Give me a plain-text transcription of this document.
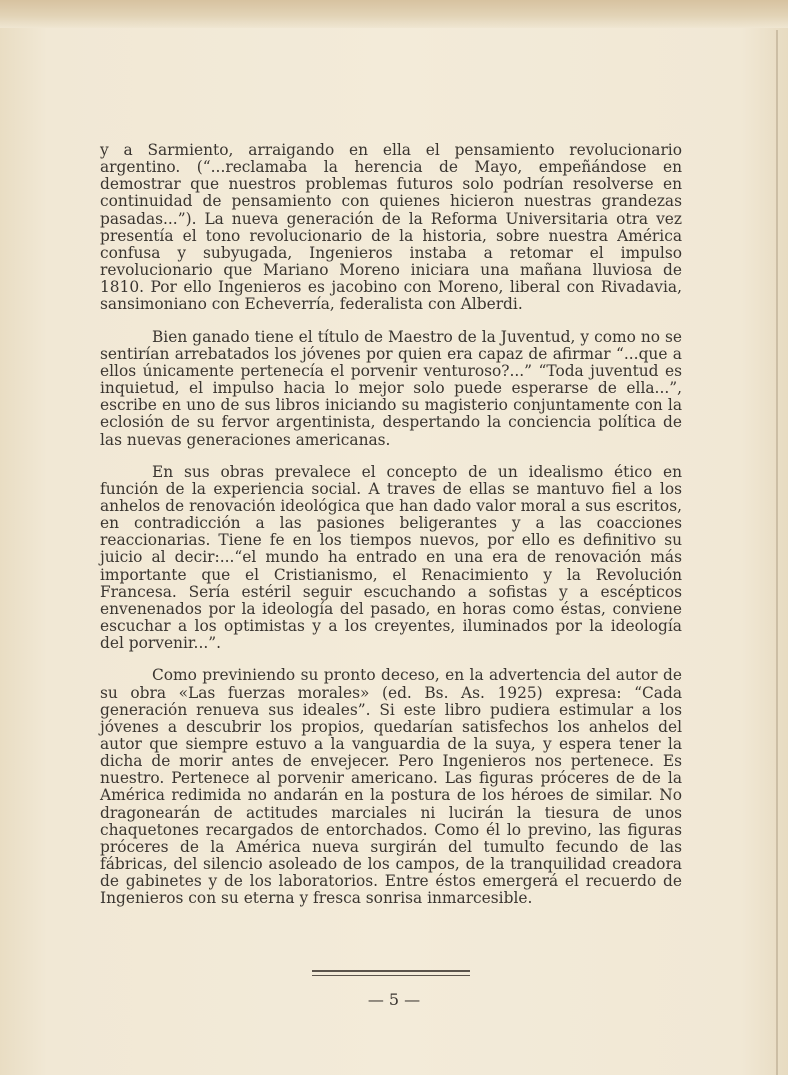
y a Sarmiento, arraigando en ella el pensamiento revolucionario argentino. (“...reclamaba la herencia de Mayo, empeñándose en demostrar que nuestros problemas futuros solo podrían resolverse en continuidad de pensamiento con quienes hicieron nuestras grandezas pasadas...”). La nueva generación de la Reforma Universitaria otra vez presentía el tono revolucionario de la historia, sobre nuestra América confusa y subyugada, Ingenieros instaba a retomar el impulso revolucionario que Mariano Moreno iniciara una mañana lluviosa de 1810. Por ello Ingenieros es jacobino con Moreno, liberal con Rivadavia, sansimoniano con Echeverría, federalista con Alberdi.

Bien ganado tiene el título de Maestro de la Juventud, y como no se sentirían arrebatados los jóvenes por quien era capaz de afirmar “...que a ellos únicamente pertenecía el porvenir venturoso?...” “Toda juventud es inquietud, el impulso hacia lo mejor solo puede esperarse de ella...”, escribe en uno de sus libros iniciando su magisterio conjuntamente con la eclosión de su fervor argentinista, despertando la conciencia política de las nuevas generaciones americanas.

En sus obras prevalece el concepto de un idealismo ético en función de la experiencia social. A traves de ellas se mantuvo fiel a los anhelos de renovación ideológica que han dado valor moral a sus escritos, en contradicción a las pasiones beligerantes y a las coacciones reaccionarias. Tiene fe en los tiempos nuevos, por ello es definitivo su juicio al decir:...“el mundo ha entrado en una era de renovación más importante que el Cristianismo, el Renacimiento y la Revolución Francesa. Sería estéril seguir escuchando a sofistas y a escépticos envenenados por la ideología del pasado, en horas como éstas, conviene escuchar a los optimistas y a los creyentes, iluminados por la ideología del porvenir...”.

Como previniendo su pronto deceso, en la advertencia del autor de su obra «Las fuerzas morales» (ed. Bs. As. 1925) expresa: “Cada generación renueva sus ideales”. Si este libro pudiera estimular a los jóvenes a descubrir los propios, quedarían satisfechos los anhelos del autor que siempre estuvo a la vanguardia de la suya, y espera tener la dicha de morir antes de envejecer. Pero Ingenieros nos pertenece. Es nuestro. Pertenece al porvenir americano. Las figuras próceres de de la América redimida no andarán en la postura de los héroes de similar. No dragonearán de actitudes marciales ni lucirán la tiesura de unos chaquetones recargados de entorchados. Como él lo previno, las figuras próceres de la América nueva surgirán del tumulto fecundo de las fábricas, del silencio asoleado de los campos, de la tranquilidad creadora de gabinetes y de los laboratorios. Entre éstos emergerá el recuerdo de Ingenieros con su eterna y fresca sonrisa inmarcesible.

— 5 —
